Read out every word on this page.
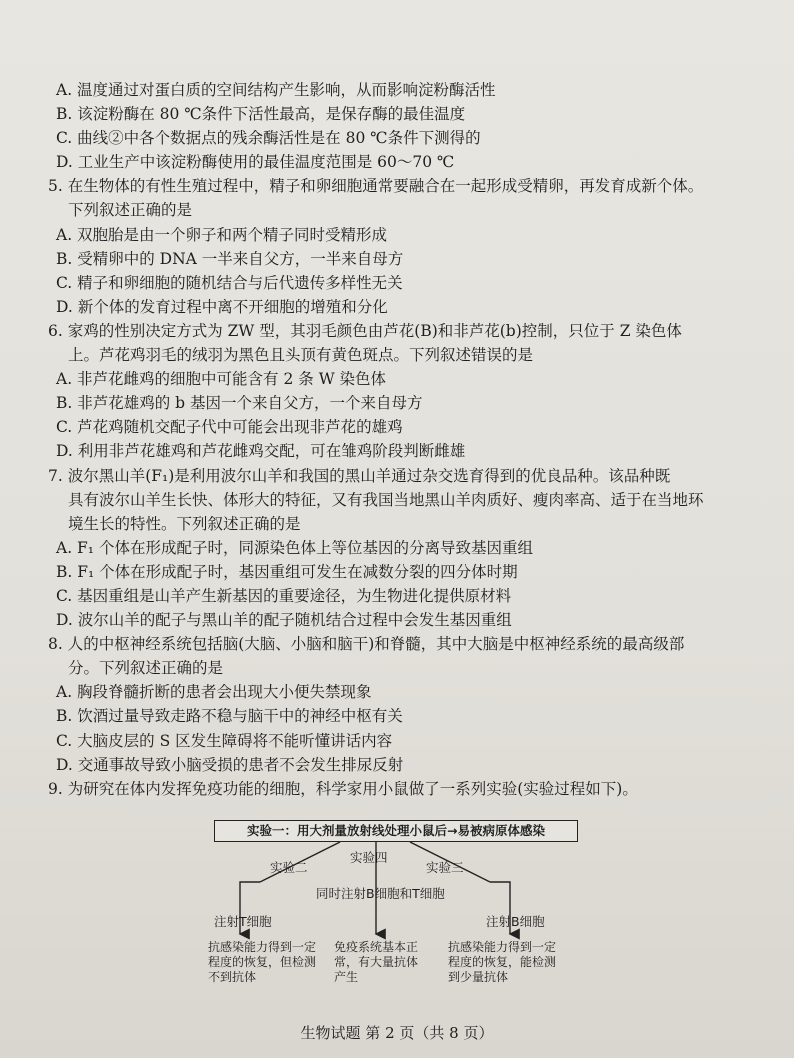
A. 温度通过对蛋白质的空间结构产生影响，从而影响淀粉酶活性
B. 该淀粉酶在 80 ℃条件下活性最高，是保存酶的最佳温度
C. 曲线②中各个数据点的残余酶活性是在 80 ℃条件下测得的
D. 工业生产中该淀粉酶使用的最佳温度范围是 60～70 ℃
5. 在生物体的有性生殖过程中，精子和卵细胞通常要融合在一起形成受精卵，再发育成新个体。
下列叙述正确的是
A. 双胞胎是由一个卵子和两个精子同时受精形成
B. 受精卵中的 DNA 一半来自父方，一半来自母方
C. 精子和卵细胞的随机结合与后代遗传多样性无关
D. 新个体的发育过程中离不开细胞的增殖和分化
6. 家鸡的性别决定方式为 ZW 型，其羽毛颜色由芦花(B)和非芦花(b)控制，只位于 Z 染色体
上。芦花鸡羽毛的绒羽为黑色且头顶有黄色斑点。下列叙述错误的是
A. 非芦花雌鸡的细胞中可能含有 2 条 W 染色体
B. 非芦花雄鸡的 b 基因一个来自父方，一个来自母方
C. 芦花鸡随机交配子代中可能会出现非芦花的雄鸡
D. 利用非芦花雄鸡和芦花雌鸡交配，可在雏鸡阶段判断雌雄
7. 波尔黑山羊(F₁)是利用波尔山羊和我国的黑山羊通过杂交选育得到的优良品种。该品种既
具有波尔山羊生长快、体形大的特征，又有我国当地黑山羊肉质好、瘦肉率高、适于在当地环
境生长的特性。下列叙述正确的是
A. F₁ 个体在形成配子时，同源染色体上等位基因的分离导致基因重组
B. F₁ 个体在形成配子时，基因重组可发生在减数分裂的四分体时期
C. 基因重组是山羊产生新基因的重要途径，为生物进化提供原材料
D. 波尔山羊的配子与黑山羊的配子随机结合过程中会发生基因重组
8. 人的中枢神经系统包括脑(大脑、小脑和脑干)和脊髓，其中大脑是中枢神经系统的最高级部
分。下列叙述正确的是
A. 胸段脊髓折断的患者会出现大小便失禁现象
B. 饮酒过量导致走路不稳与脑干中的神经中枢有关
C. 大脑皮层的 S 区发生障碍将不能听懂讲话内容
D. 交通事故导致小脑受损的患者不会发生排尿反射
9. 为研究在体内发挥免疫功能的细胞，科学家用小鼠做了一系列实验(实验过程如下)。
实验一：用大剂量放射线处理小鼠后→易被病原体感染
实验二
实验四
实验三
同时注射B细胞和T细胞
注射T细胞	注射B细胞
抗感染能力得到一定程度的恢复，但检测不到抗体
免疫系统基本正常，有大量抗体产生
抗感染能力得到一定程度的恢复，能检测到少量抗体
生物试题 第 2 页（共 8 页）
